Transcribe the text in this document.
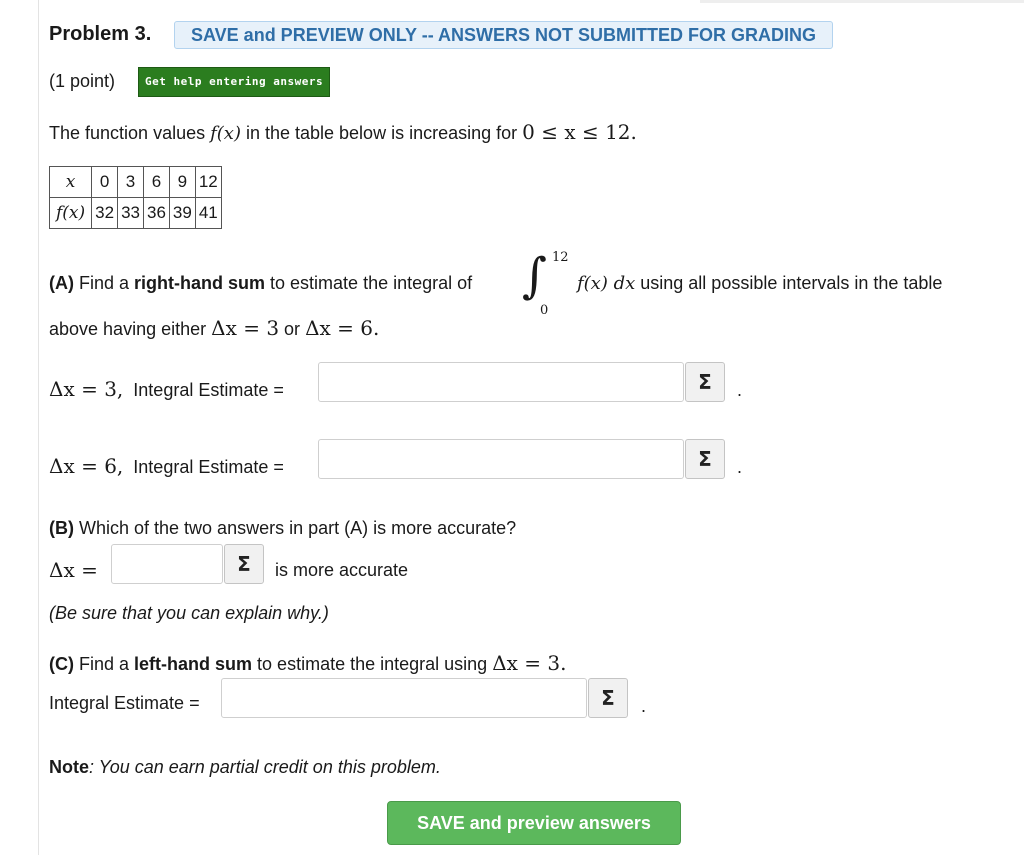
Problem 3.	SAVE and PREVIEW ONLY -- ANSWERS NOT SUBMITTED FOR GRADING
(1 point)	Get help entering answers
The function values f(x) in the table below is increasing for 0 ≤ x ≤ 12.
x	0	3	6	9	12
f(x)	32	33	36	39	41
(A) Find a right-hand sum to estimate the integral of ∫ 12
0
f(x) dx using all possible intervals in the table
above having either Δx = 3 or Δx = 6.
Δx = 3, Integral Estimate =	Σ	.
Δx = 6, Integral Estimate =	Σ	.
(B) Which of the two answers in part (A) is more accurate?
Δx =	Σ	is more accurate
(Be sure that you can explain why.)
(C) Find a left-hand sum to estimate the integral using Δx = 3.
Integral Estimate =	Σ	.
Note: You can earn partial credit on this problem.
SAVE and preview answers
